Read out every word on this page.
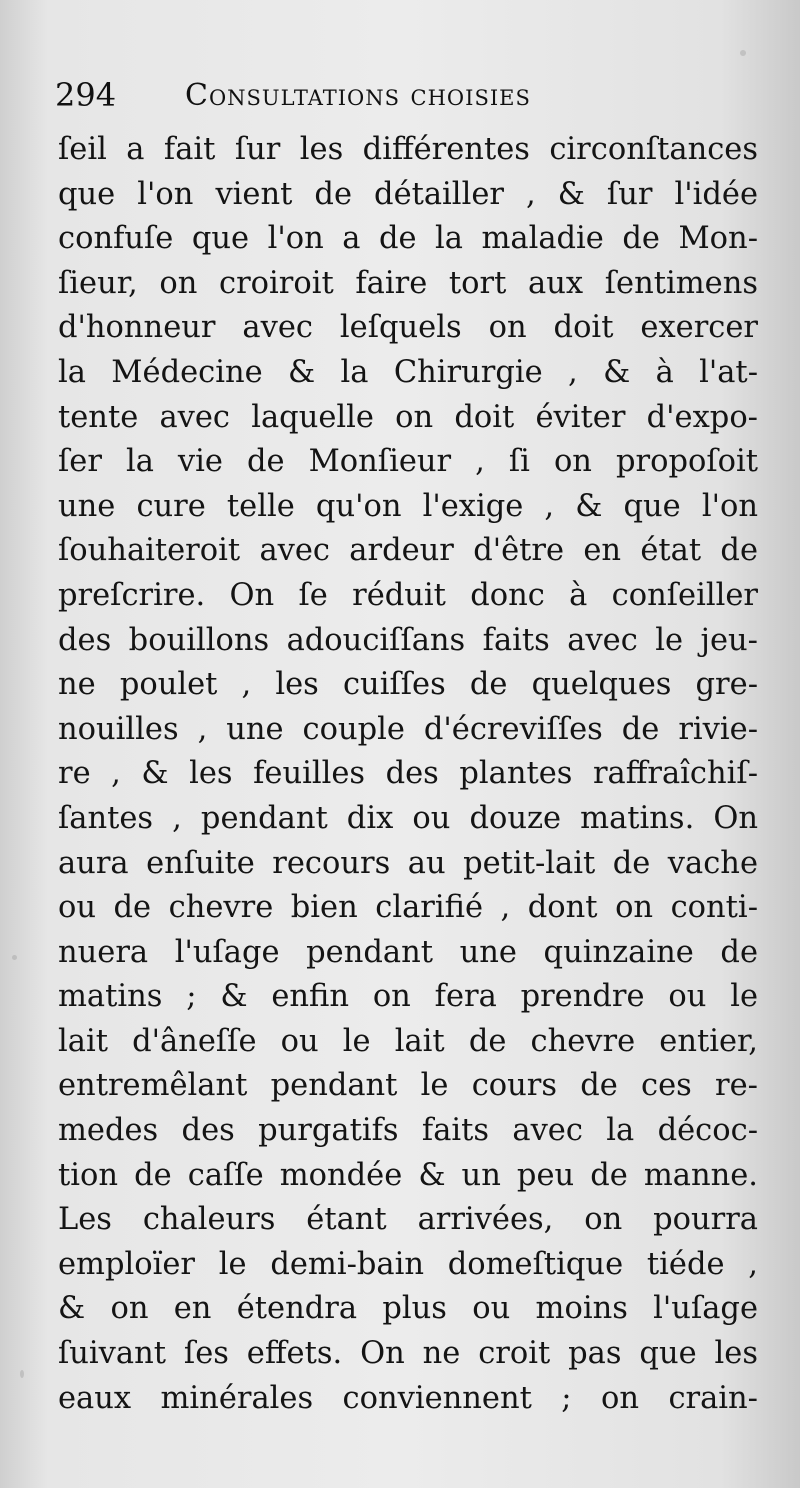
294 Consultations choisies
ſeil a fait ſur les différentes circonſtances
que l'on vient de détailler , & ſur l'idée
confuſe que l'on a de la maladie de Mon-
ſieur, on croiroit faire tort aux ſentimens
d'honneur avec leſquels on doit exercer
la Médecine & la Chirurgie , & à l'at-
tente avec laquelle on doit éviter d'expo-
ſer la vie de Monſieur , ſi on propoſoit
une cure telle qu'on l'exige , & que l'on
ſouhaiteroit avec ardeur d'être en état de
preſcrire. On ſe réduit donc à conſeiller
des bouillons adouciſſans faits avec le jeu-
ne poulet , les cuiſſes de quelques gre-
nouilles , une couple d'écreviſſes de rivie-
re , & les feuilles des plantes raffraîchiſ-
ſantes , pendant dix ou douze matins. On
aura enſuite recours au petit-lait de vache
ou de chevre bien clarifié , dont on conti-
nuera l'uſage pendant une quinzaine de
matins ; & enfin on fera prendre ou le
lait d'âneſſe ou le lait de chevre entier,
entremêlant pendant le cours de ces re-
medes des purgatifs faits avec la décoc-
tion de caſſe mondée & un peu de manne.
Les chaleurs étant arrivées, on pourra
emploïer le demi-bain domeſtique tiéde ,
& on en étendra plus ou moins l'uſage
ſuivant ſes effets. On ne croit pas que les
eaux minérales conviennent ; on crain-
